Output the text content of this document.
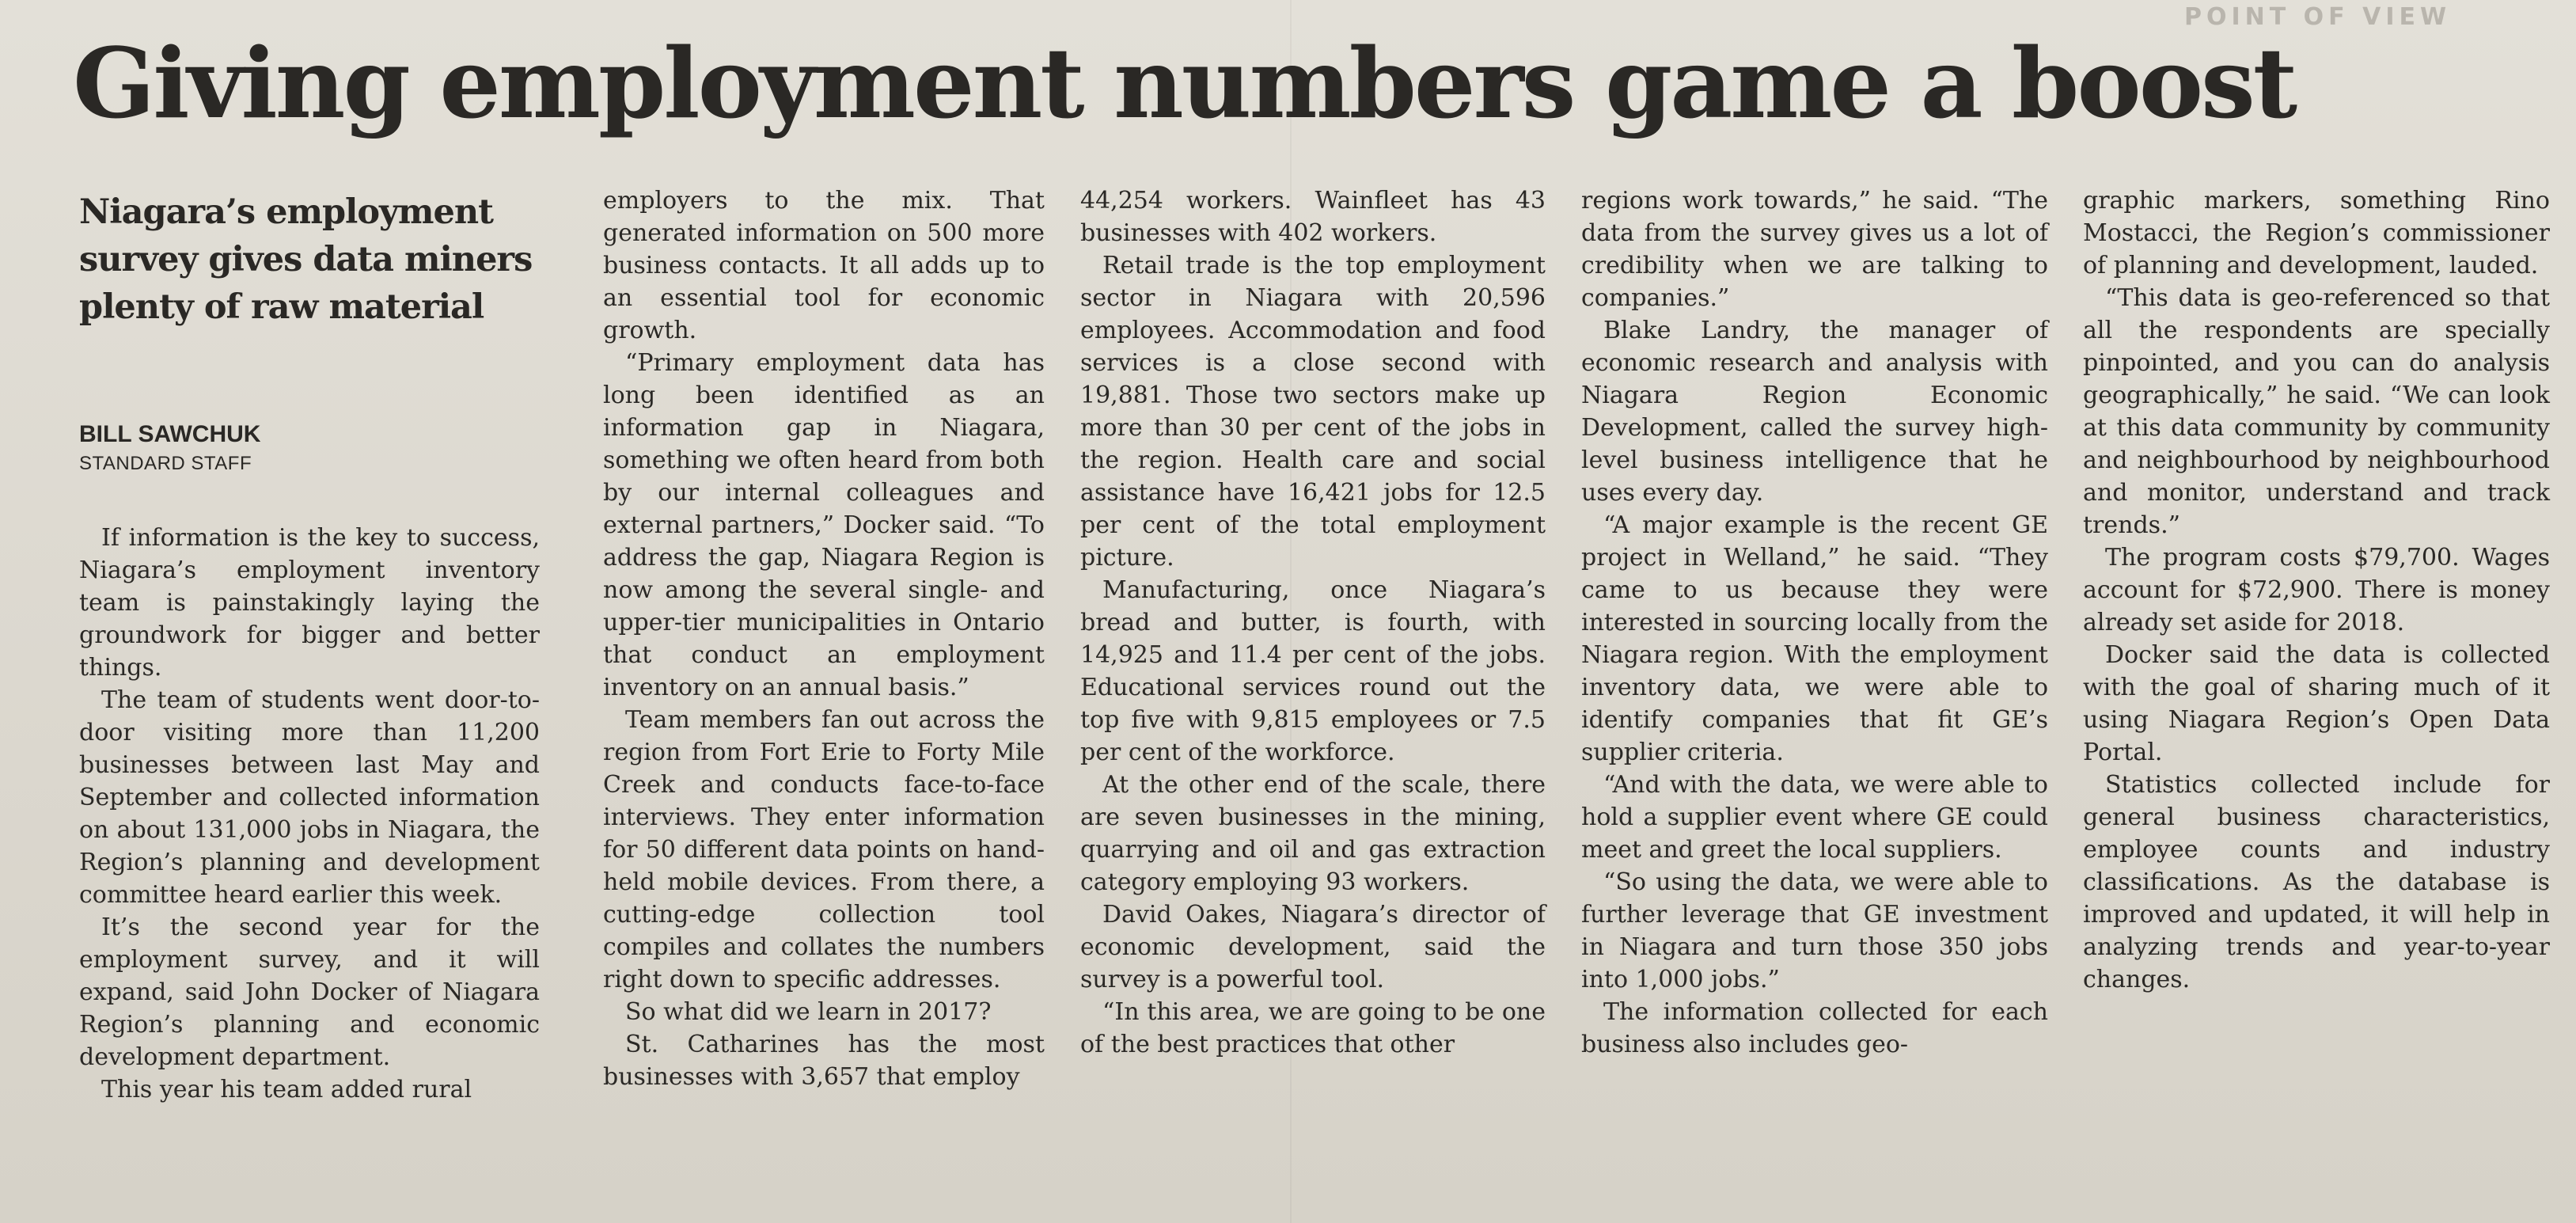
POINT OF VIEW
Giving employment numbers game a boost
Niagara’s employment survey gives data miners plenty of raw material
BILL SAWCHUK
STANDARD STAFF

If information is the key to success, Niagara’s employment inventory team is painstakingly laying the groundwork for bigger and better things.

The team of students went door-to-door visiting more than 11,200 businesses between last May and September and collected information on about 131,000 jobs in Niagara, the Region’s planning and development committee heard earlier this week.

It’s the second year for the employment survey, and it will expand, said John Docker of Niagara Region’s planning and economic development department.

This year his team added rural

employers to the mix. That generated information on 500 more business contacts. It all adds up to an essential tool for economic growth.

“Primary employment data has long been identified as an information gap in Niagara, something we often heard from both by our internal colleagues and external partners,” Docker said. “To address the gap, Niagara Region is now among the several single- and upper-tier municipalities in Ontario that conduct an employment inventory on an annual basis.”

Team members fan out across the region from Fort Erie to Forty Mile Creek and conducts face-to-face interviews. They enter information for 50 different data points on hand-held mobile devices. From there, a cutting-edge collection tool compiles and collates the numbers right down to specific addresses.

So what did we learn in 2017?

St. Catharines has the most businesses with 3,657 that employ

44,254 workers. Wainfleet has 43 businesses with 402 workers.

Retail trade is the top employment sector in Niagara with 20,596 employees. Accommodation and food services is a close second with 19,881. Those two sectors make up more than 30 per cent of the jobs in the region. Health care and social assistance have 16,421 jobs for 12.5 per cent of the total employment picture.

Manufacturing, once Niagara’s bread and butter, is fourth, with 14,925 and 11.4 per cent of the jobs. Educational services round out the top five with 9,815 employees or 7.5 per cent of the workforce.

At the other end of the scale, there are seven businesses in the mining, quarrying and oil and gas extraction category employing 93 workers.

David Oakes, Niagara’s director of economic development, said the survey is a powerful tool.

“In this area, we are going to be one of the best practices that other

regions work towards,” he said. “The data from the survey gives us a lot of credibility when we are talking to companies.”

Blake Landry, the manager of economic research and analysis with Niagara Region Economic Development, called the survey high-level business intelligence that he uses every day.

“A major example is the recent GE project in Welland,” he said. “They came to us because they were interested in sourcing locally from the Niagara region. With the employment inventory data, we were able to identify companies that fit GE’s supplier criteria.

“And with the data, we were able to hold a supplier event where GE could meet and greet the local suppliers.

“So using the data, we were able to further leverage that GE investment in Niagara and turn those 350 jobs into 1,000 jobs.”

The information collected for each business also includes geo-

graphic markers, something Rino Mostacci, the Region’s commissioner of planning and development, lauded.

“This data is geo-referenced so that all the respondents are specially pinpointed, and you can do analysis geographically,” he said. “We can look at this data community by community and neighbourhood by neighbourhood and monitor, understand and track trends.”

The program costs $79,700. Wages account for $72,900. There is money already set aside for 2018.

Docker said the data is collected with the goal of sharing much of it using Niagara Region’s Open Data Portal.

Statistics collected include for general business characteristics, employee counts and industry classifications. As the database is improved and updated, it will help in analyzing trends and year-to-year changes.
